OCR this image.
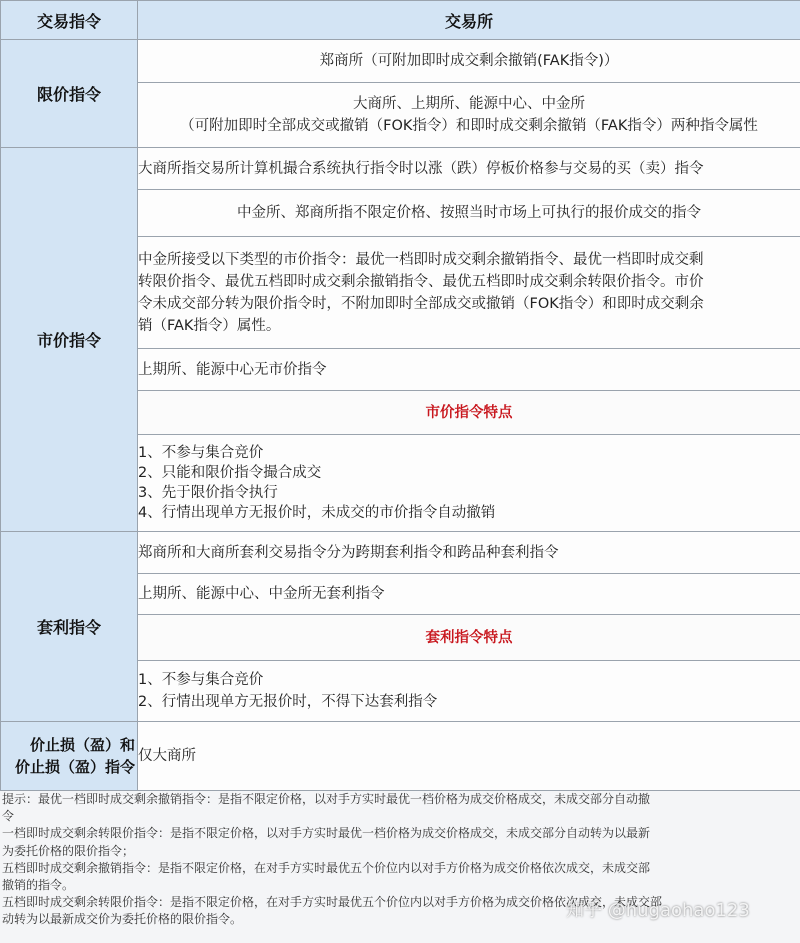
交易指令	交易所
限价指令	郑商所（可附加即时成交剩余撤销(FAK指令)）

	大商所、上期所、能源中心、中金所
（可附加即时全部成交或撤销（FOK指令）和即时成交剩余撤销（FAK指令）两种指令属性

市价指令	大商所指交易所计算机撮合系统执行指令时以涨（跌）停板价格参与交易的买（卖）指令
	中金所、郑商所指不限定价格、按照当时市场上可执行的报价成交的指令

	中金所接受以下类型的市价指令：最优一档即时成交剩余撤销指令、最优一档即时成交剩
转限价指令、最优五档即时成交剩余撤销指令、最优五档即时成交剩余转限价指令。市价
令未成交部分转为限价指令时，不附加即时全部成交或撤销（FOK指令）和即时成交剩余
销（FAK指令）属性。

	上期所、能源中心无市价指令
	市价指令特点

	1、不参与集合竞价
2、只能和限价指令撮合成交
3、先于限价指令执行
4、行情出现单方无报价时，未成交的市价指令自动撤销

套利指令	郑商所和大商所套利交易指令分为跨期套利指令和跨品种套利指令
	上期所、能源中心、中金所无套利指令
	套利指令特点

	1、不参与集合竞价
2、行情出现单方无报价时，不得下达套利指令

价止损（盈）和
价止损（盈）指令	仅大商所
提示：最优一档即时成交剩余撤销指令：是指不限定价格，以对手方实时最优一档价格为成交价格成交，未成交部分自动撤
令
一档即时成交剩余转限价指令：是指不限定价格，以对手方实时最优一档价格为成交价格成交，未成交部分自动转为以最新
为委托价格的限价指令；
五档即时成交剩余撤销指令：是指不限定价格，在对手方实时最优五个价位内以对手方价格为成交价格依次成交，未成交部
撤销的指令。
五档即时成交剩余转限价指令：是指不限定价格，在对手方实时最优五个价位内以对手方价格为成交价格依次成交，未成交部
动转为以最新成交价为委托价格的限价指令。	知乎 @hugaohao123
